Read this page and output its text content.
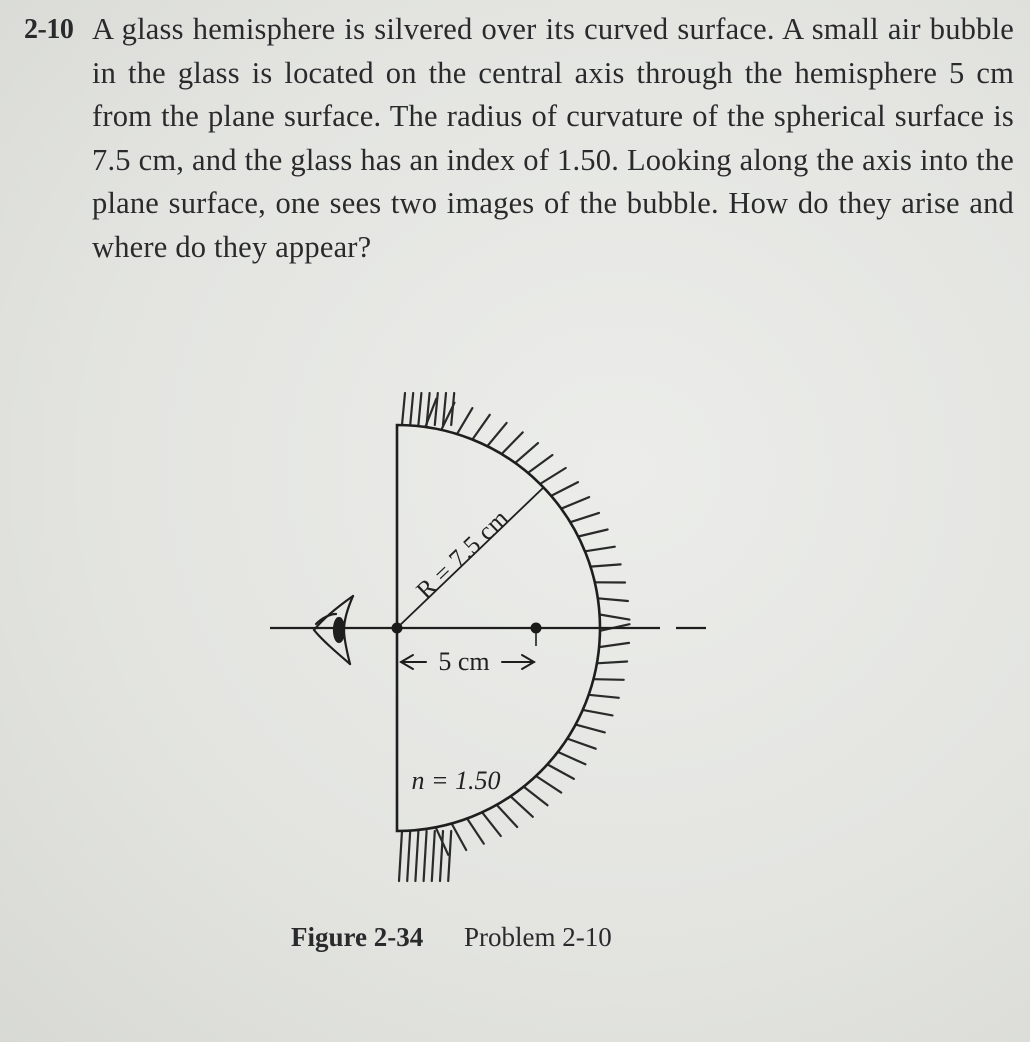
2-10 A glass hemisphere is silvered over its curved surface. A small air bubble in the glass is located on the central axis through the hemisphere 5 cm from the plane surface. The radius of curvature of the spherical surface is 7.5 cm, and the glass has an index of 1.50. Looking along the axis into the plane surface, one sees two images of the bubble. How do they arise and where do they appear?
R = 7.5 cm
5 cm
n = 1.50
Figure 2-34 Problem 2-10
